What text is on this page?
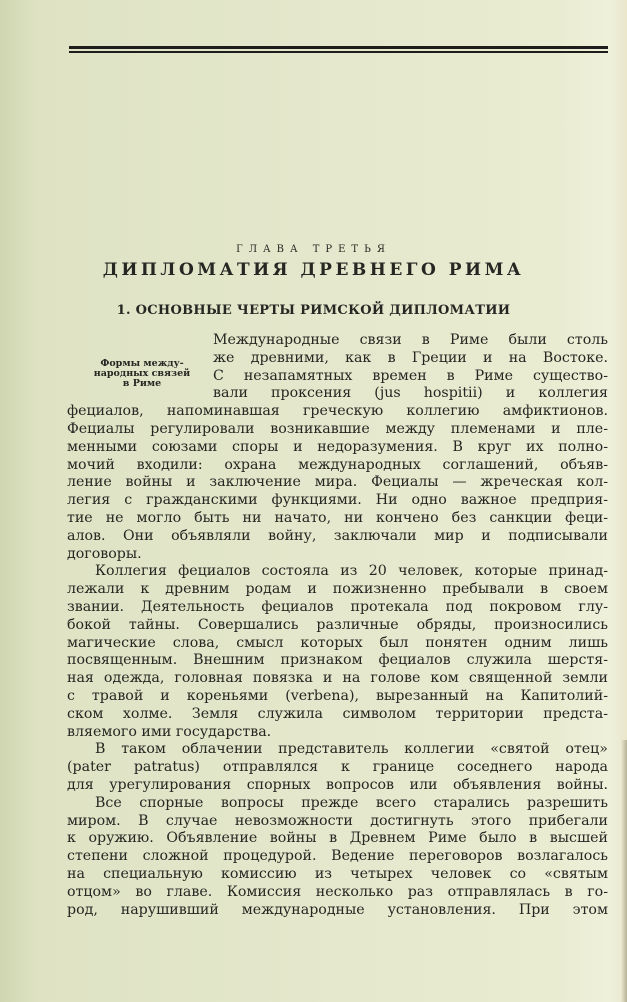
ГЛАВА ТРЕТЬЯ
ДИПЛОМАТИЯ ДРЕВНЕГО РИМА
1. ОСНОВНЫЕ ЧЕРТЫ РИМСКОЙ ДИПЛОМАТИИ
Формы между-
народных связей
в Риме
Международные связи в Риме были столь
же древними, как в Греции и на Востоке.
С незапамятных времен в Риме существо-
вали проксения (jus hospitii) и коллегия
фециалов, напоминавшая греческую коллегию амфиктионов.
Фециалы регулировали возникавшие между племенами и пле-
менными союзами споры и недоразумения. В круг их полно-
мочий входили: охрана международных соглашений, объяв-
ление войны и заключение мира. Фециалы — жреческая кол-
легия с гражданскими функциями. Ни одно важное предприя-
тие не могло быть ни начато, ни кончено без санкции феци-
алов. Они объявляли войну, заключали мир и подписывали
договоры.
Коллегия фециалов состояла из 20 человек, которые принад-
лежали к древним родам и пожизненно пребывали в своем
звании. Деятельность фециалов протекала под покровом глу-
бокой тайны. Совершались различные обряды, произносились
магические слова, смысл которых был понятен одним лишь
посвященным. Внешним признаком фециалов служила шерстя-
ная одежда, головная повязка и на голове ком священной земли
с травой и кореньями (verbena), вырезанный на Капитолий-
ском холме. Земля служила символом территории предста-
вляемого ими государства.
В таком облачении представитель коллегии «святой отец»
(pater patratus) отправлялся к границе соседнего народа
для урегулирования спорных вопросов или объявления войны.
Все спорные вопросы прежде всего старались разрешить
миром. В случае невозможности достигнуть этого прибегали
к оружию. Объявление войны в Древнем Риме было в высшей
степени сложной процедурой. Ведение переговоров возлагалось
на специальную комиссию из четырех человек со «святым
отцом» во главе. Комиссия несколько раз отправлялась в го-
род, нарушивший международные установления. При этом
